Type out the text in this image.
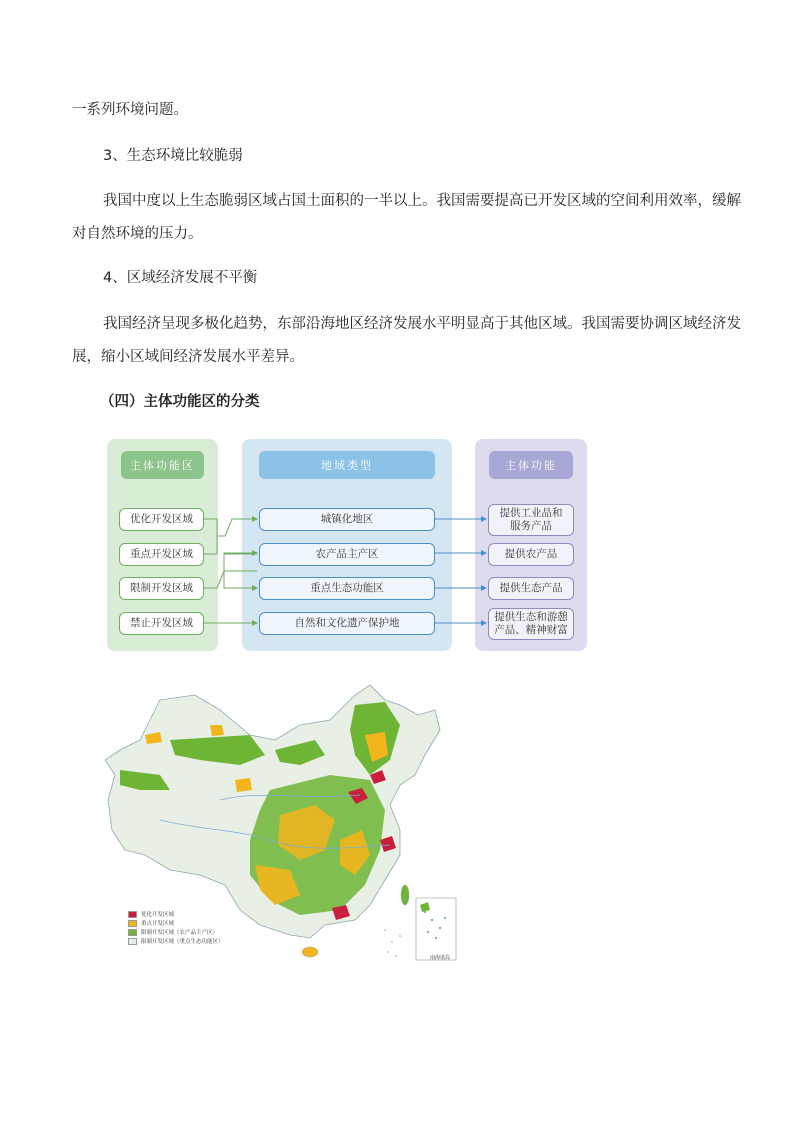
一系列环境问题。
3、生态环境比较脆弱
我国中度以上生态脆弱区域占国土面积的一半以上。我国需要提高已开发区域的空间利用效率，缓解
对自然环境的压力。
4、区域经济发展不平衡
我国经济呈现多极化趋势，东部沿海地区经济发展水平明显高于其他区域。我国需要协调区域经济发
展，缩小区域间经济发展水平差异。
（四）主体功能区的分类
主体功能区	地域类型	主体功能
优化开发区域
重点开发区域
限制开发区域
禁止开发区域
城镇化地区
农产品主产区
重点生态功能区
自然和文化遗产保护地
提供工业品和
服务产品
提供农产品
提供生态产品
提供生态和游憩
产品、精神财富
优化开发区域
重点开发区域
限制开发区域（农产品主产区）
限制开发区域（重点生态功能区）
南海诸岛
